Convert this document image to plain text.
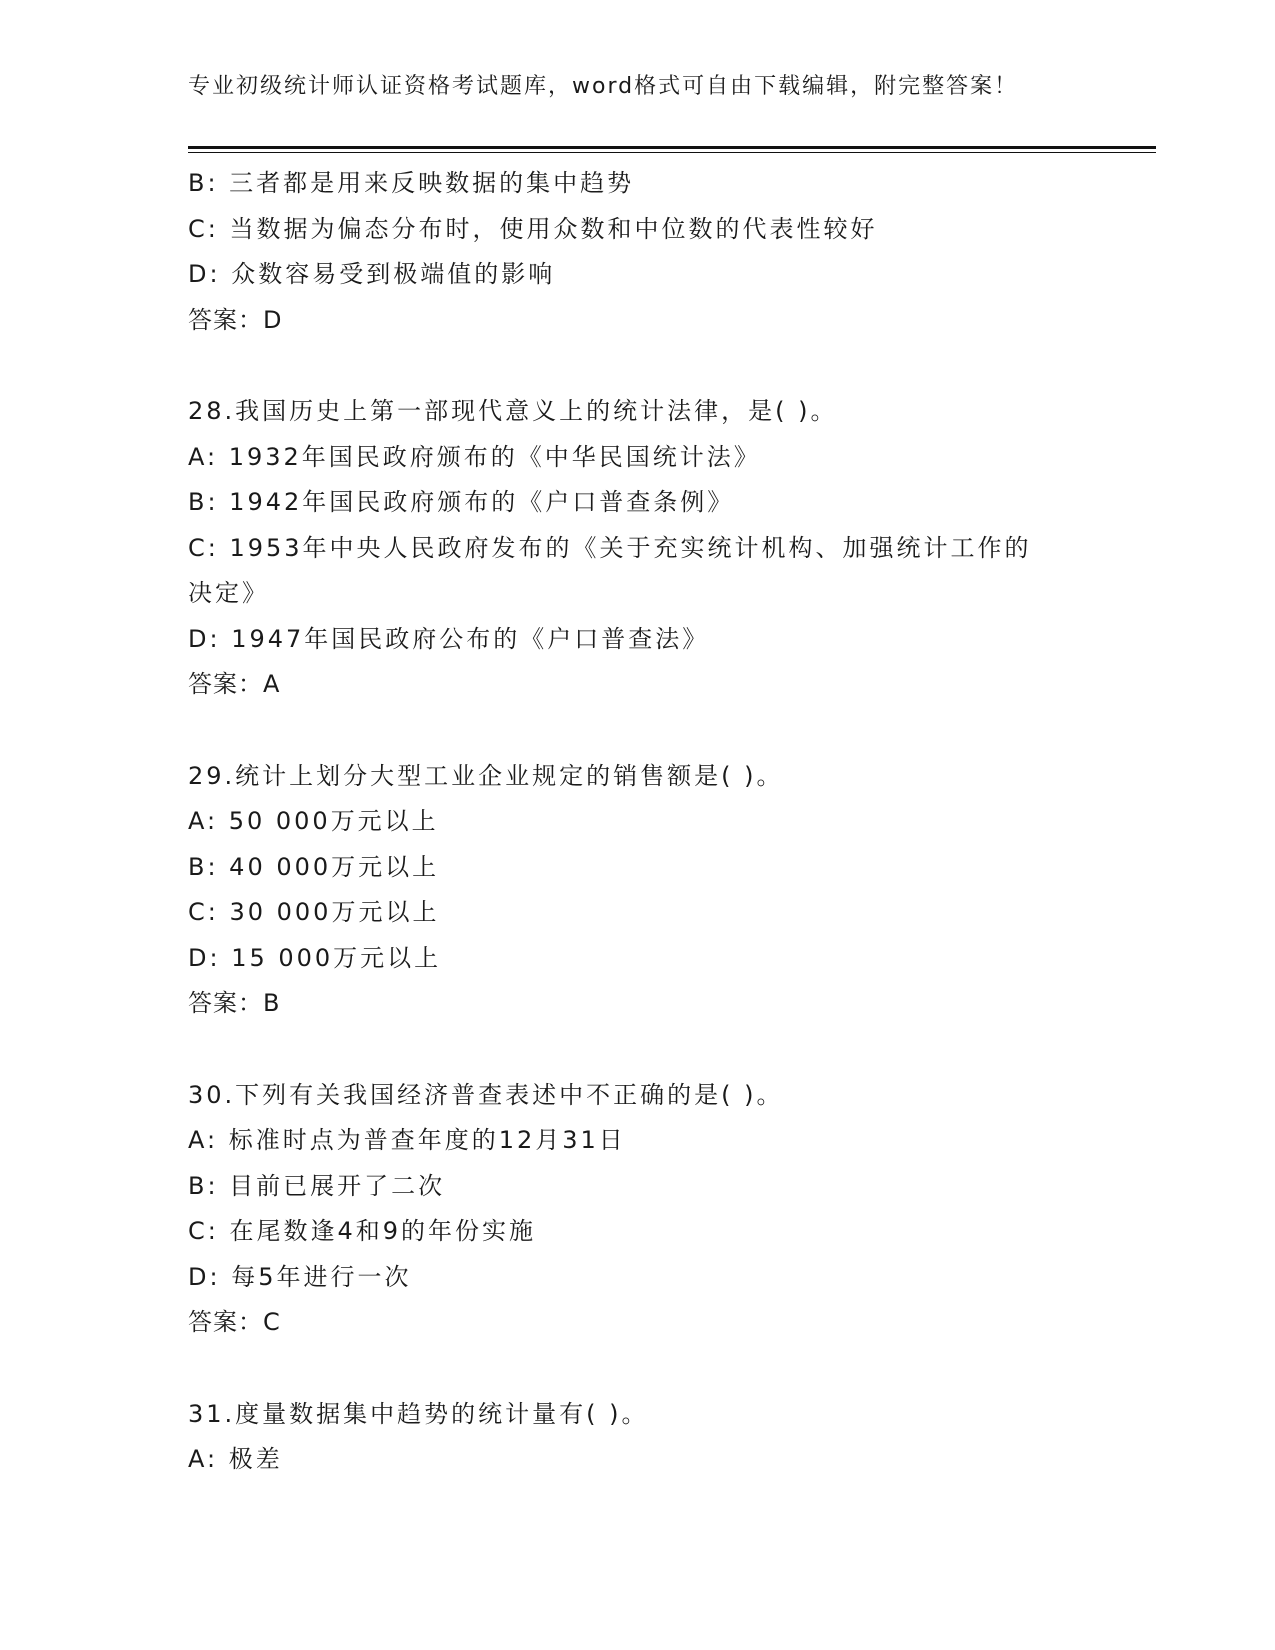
专业初级统计师认证资格考试题库，word格式可自由下载编辑，附完整答案！
B: 三者都是用来反映数据的集中趋势
C: 当数据为偏态分布时，使用众数和中位数的代表性较好
D: 众数容易受到极端值的影响
答案：D
28.我国历史上第一部现代意义上的统计法律，是( )。
A: 1932年国民政府颁布的《中华民国统计法》
B: 1942年国民政府颁布的《户口普查条例》
C: 1953年中央人民政府发布的《关于充实统计机构、加强统计工作的
决定》
D: 1947年国民政府公布的《户口普查法》
答案：A
29.统计上划分大型工业企业规定的销售额是( )。
A: 50 000万元以上
B: 40 000万元以上
C: 30 000万元以上
D: 15 000万元以上
答案：B
30.下列有关我国经济普查表述中不正确的是( )。
A: 标准时点为普查年度的12月31日
B: 目前已展开了二次
C: 在尾数逢4和9的年份实施
D: 每5年进行一次
答案：C
31.度量数据集中趋势的统计量有( )。
A: 极差
